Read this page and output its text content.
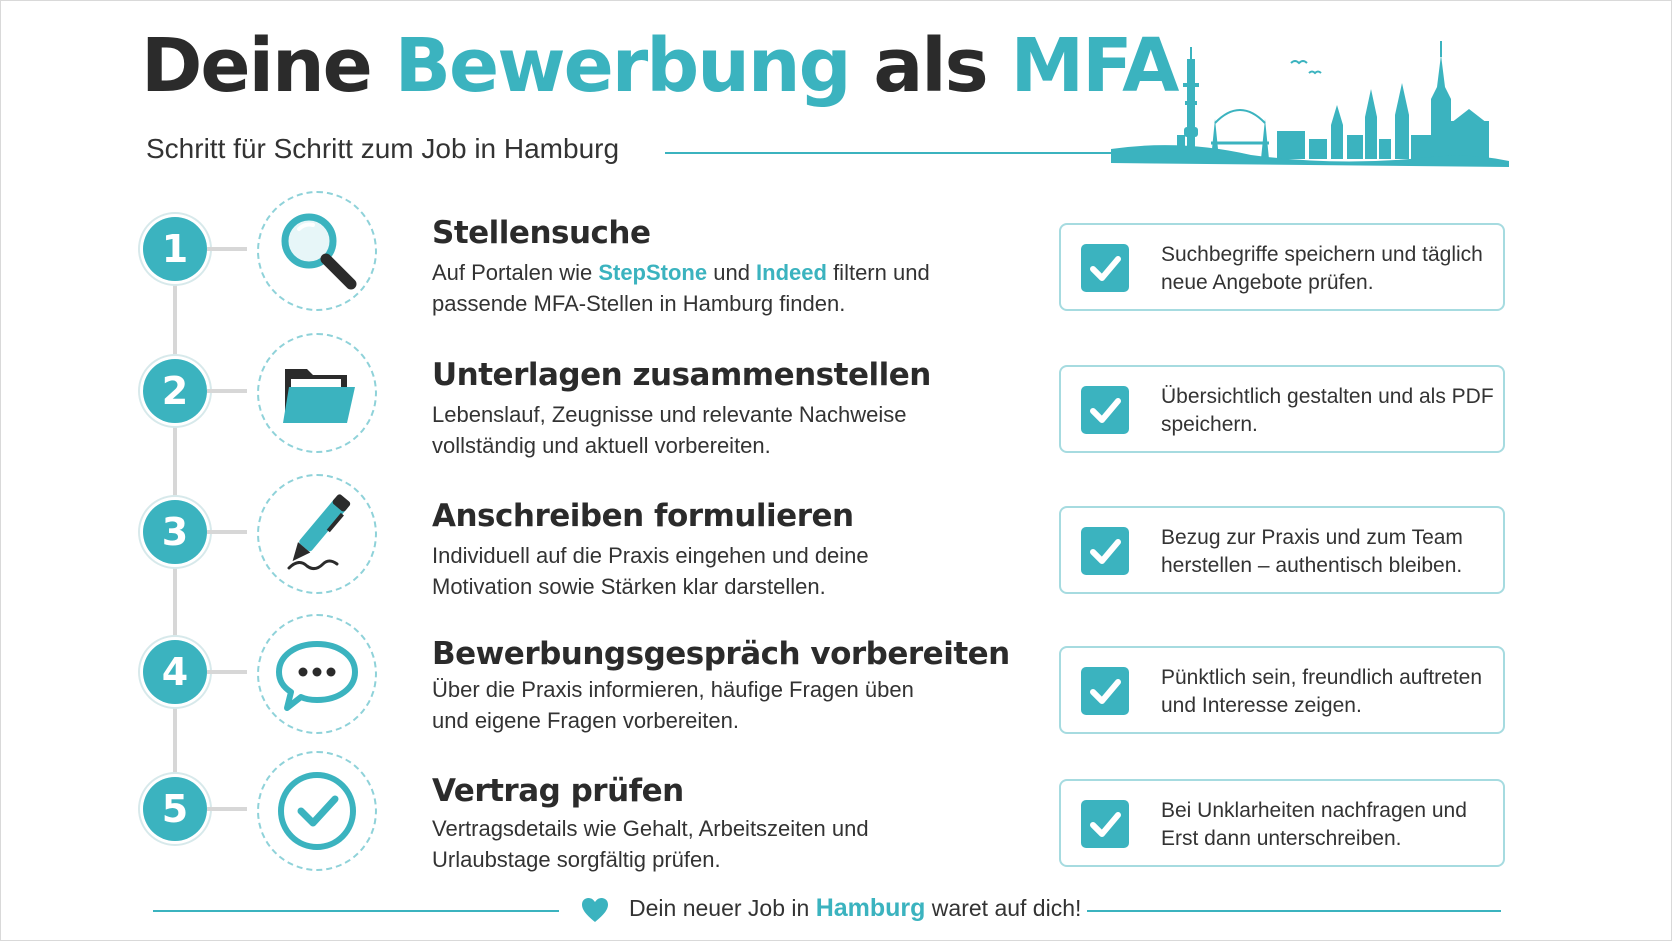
Deine Bewerbung als MFA
Schritt für Schritt zum Job in Hamburg
1	Stellensuche
Auf Portalen wie StepStone und Indeed filtern und passende MFA-Stellen in Hamburg finden.
Suchbegriffe speichern und täglich neue Angebote prüfen.
2	Unterlagen zusammenstellen
Lebenslauf, Zeugnisse und relevante Nachweise vollständig und aktuell vorbereiten.
Übersichtlich gestalten und als PDF speichern.
3	Anschreiben formulieren
Individuell auf die Praxis eingehen und deine Motivation sowie Stärken klar darstellen.
Bezug zur Praxis und zum Team herstellen – authentisch bleiben.
4	Bewerbungsgespräch vorbereiten
Über die Praxis informieren, häufige Fragen üben und eigene Fragen vorbereiten.
Pünktlich sein, freundlich auftreten und Interesse zeigen.
5	Vertrag prüfen
Vertragsdetails wie Gehalt, Arbeitszeiten und Urlaubstage sorgfältig prüfen.
Bei Unklarheiten nachfragen und Erst dann unterschreiben.
Dein neuer Job in Hamburg waret auf dich!
